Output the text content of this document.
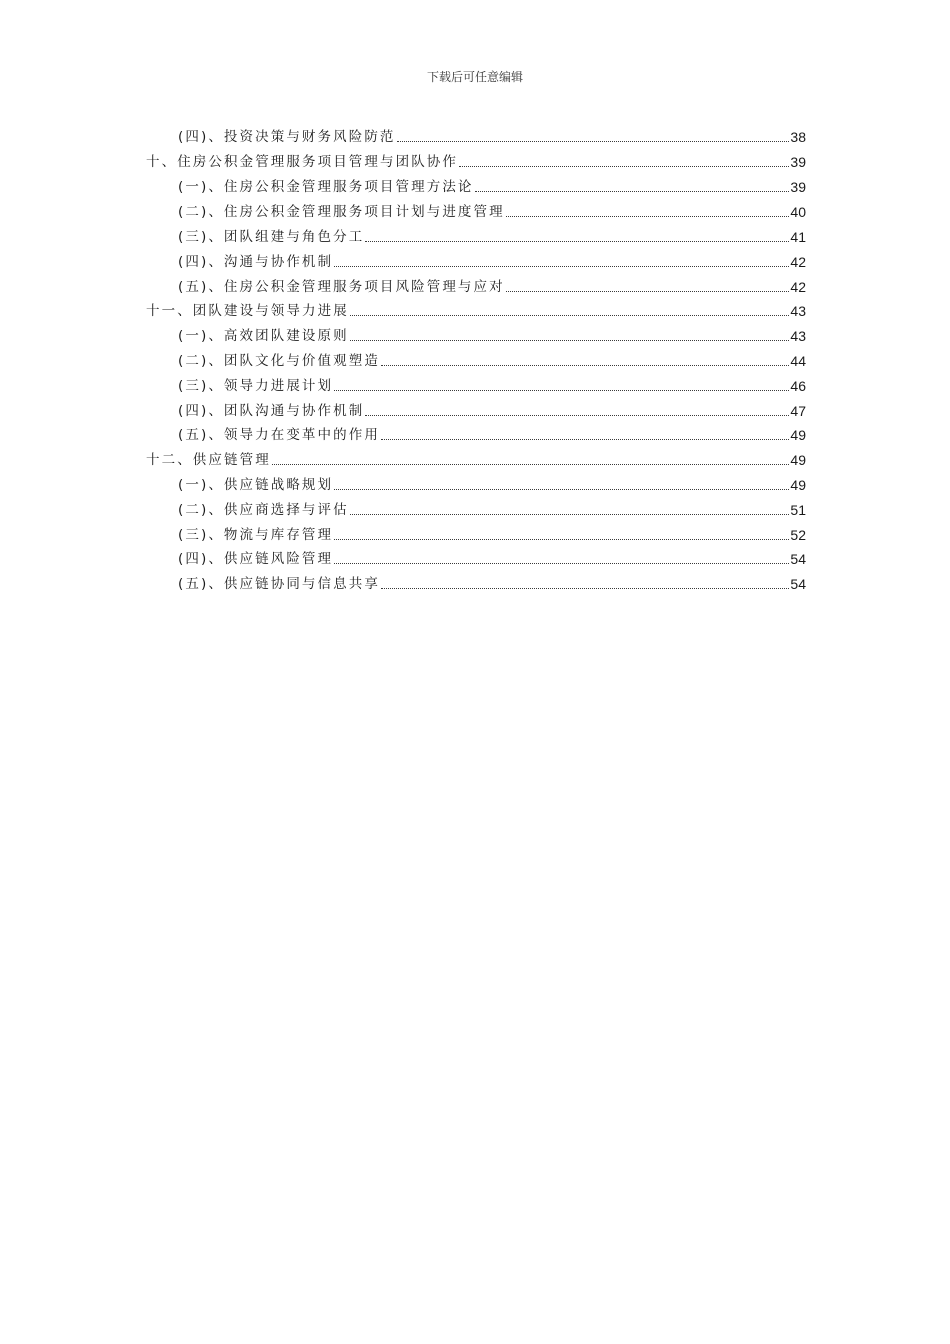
下载后可任意编辑
(四)、投资决策与财务风险防范	38
十、住房公积金管理服务项目管理与团队协作	39
(一)、住房公积金管理服务项目管理方法论	39
(二)、住房公积金管理服务项目计划与进度管理	40
(三)、团队组建与角色分工	41
(四)、沟通与协作机制	42
(五)、住房公积金管理服务项目风险管理与应对	42
十一、团队建设与领导力进展	43
(一)、高效团队建设原则	43
(二)、团队文化与价值观塑造	44
(三)、领导力进展计划	46
(四)、团队沟通与协作机制	47
(五)、领导力在变革中的作用	49
十二、供应链管理	49
(一)、供应链战略规划	49
(二)、供应商选择与评估	51
(三)、物流与库存管理	52
(四)、供应链风险管理	54
(五)、供应链协同与信息共享	54
